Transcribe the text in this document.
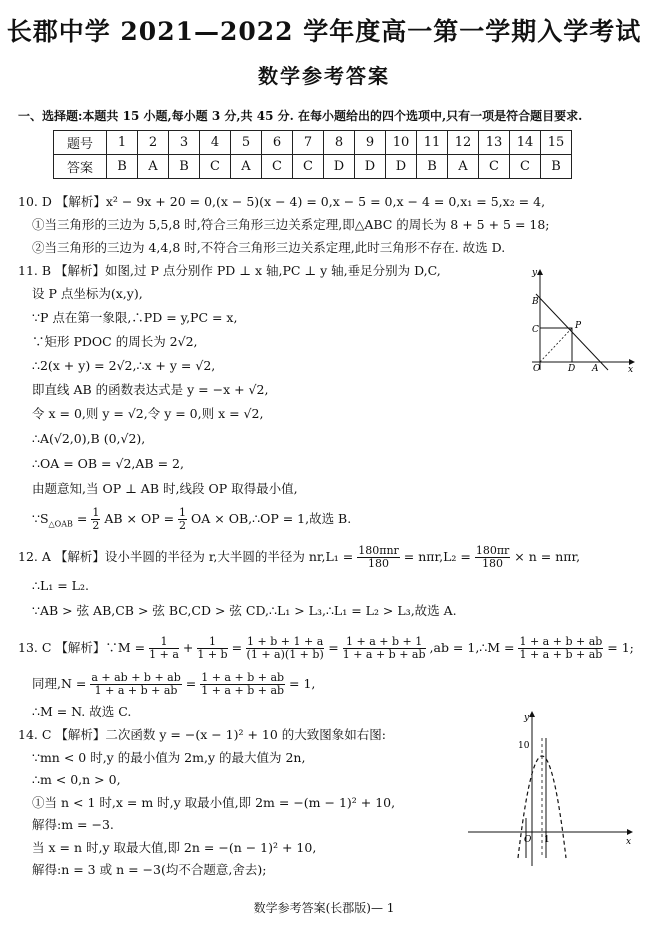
长郡中学 2021—2022 学年度高一第一学期入学考试
数学参考答案
一、选择题:本题共 15 小题,每小题 3 分,共 45 分. 在每小题给出的四个选项中,只有一项是符合题目要求.
题号	1	2	3	4	5	6	7	8	9	10	11	12	13	14	15
答案	B	A	B	C	A	C	C	D	D	D	B	A	C	C	B
10. D 【解析】x² − 9x + 20 = 0,(x − 5)(x − 4) = 0,x − 5 = 0,x − 4 = 0,x₁ = 5,x₂ = 4,
①当三角形的三边为 5,5,8 时,符合三角形三边关系定理,即△ABC 的周长为 8 + 5 + 5 = 18;
②当三角形的三边为 4,4,8 时,不符合三角形三边关系定理,此时三角形不存在. 故选 D.
11. B 【解析】如图,过 P 点分别作 PD ⊥ x 轴,PC ⊥ y 轴,垂足分别为 D,C,
设 P 点坐标为(x,y),
∵P 点在第一象限,∴PD = y,PC = x,
∵矩形 PDOC 的周长为 2√2,
∴2(x + y) = 2√2,∴x + y = √2,
即直线 AB 的函数表达式是 y = −x + √2,
令 x = 0,则 y = √2,令 y = 0,则 x = √2,
∴A(√2,0),B (0,√2),
∴OA = OB = √2,AB = 2,
由题意知,当 OP ⊥ AB 时,线段 OP 取得最小值,
$\because S_{\triangle OAB} = \frac{1}{2}$ AB × OP = $\frac{1}{2}$ OA × OB,∴OP = 1,故选 B.
y
B
C	P
O	D A	x
12. A 【解析】设小半圆的半径为 r,大半圆的半径为 $nr,L_1 = \frac{\text{180πnr}}{180} = n\pi r,L_2 = \frac{180\pi r}{180} \times n = n\pi r$,
∴L₁ = L₂.
∵AB > 弦 AB,CB > 弦 BC,CD > 弦 CD,∴L₁ > L₃,∴L₁ = L₂ > L₃,故选 A.
13. C 【解析】∵M = $\frac{1}{1 + a} + \frac{1}{1 + b} = \frac{1 + b + 1 + a}{(1 + a)(1 + b)} = \frac{1 + a + b + 1}{1 + a + b + ab} ,ab$ = 1,∴M = $\frac{1 + a + b + ab}{1 + a + b + ab} = 1$;
同理$,N = \frac{a + ab + b + ab}{1 + a + b + ab} = \frac{1 + a + b + ab}{1 + a + b + ab} = 1$,
∴M = N. 故选 C.
14. C 【解析】二次函数 y = −(x − 1)² + 10 的大致图象如右图:
∵mn < 0 时,y 的最小值为 2m,y 的最大值为 2n,
∴m < 0,n > 0,
①当 n < 1 时,x = m 时,y 取最小值,即 2m = −(m − 1)² + 10,
解得:m = −3.
当 x = n 时,y 取最大值,即 2n = −(n − 1)² + 10,
解得:n = 3 或 n = −3(均不合题意,舍去);
y
10
O 1	x
数学参考答案(长郡版)— 1
